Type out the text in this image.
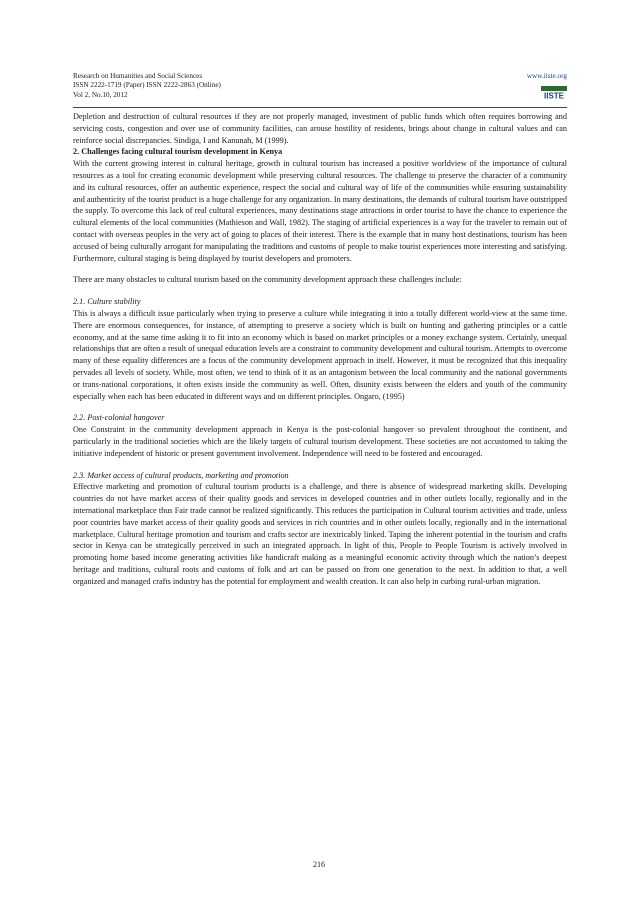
Research on Humanities and Social Sciences
ISSN 2222-1719 (Paper) ISSN 2222-2863 (Online)
Vol 2, No.10, 2012
www.iiste.org
IISTE

Depletion and destruction of cultural resources if they are not properly managed, investment of public funds which often requires borrowing and servicing costs, congestion and over use of community facilities, can arouse hostility of residents, brings about change in cultural values and can reinforce social discrepancies. Sindiga, I and Kanunah, M (1999).

2. Challenges facing cultural tourism development in Kenya

With the current growing interest in cultural heritage, growth in cultural tourism has increased a positive worldview of the importance of cultural resources as a tool for creating economic development while preserving cultural resources. The challenge to preserve the character of a community and its cultural resources, offer an authentic experience, respect the social and cultural way of life of the communities while ensuring sustainability and authenticity of the tourist product is a huge challenge for any organization. In many destinations, the demands of cultural tourism have outstripped the supply. To overcome this lack of real cultural experiences, many destinations stage attractions in order tourist to have the chance to experience the cultural elements of the local communities (Mathieson and Wall, 1982). The staging of artificial experiences is a way for the traveler to remain out of contact with overseas peoples in the very act of going to places of their interest. There is the example that in many host destinations, tourism has been accused of being culturally arrogant for manipulating the traditions and customs of people to make tourist experiences more interesting and satisfying. Furthermore, cultural staging is being displayed by tourist developers and promoters.

There are many obstacles to cultural tourism based on the community development approach these challenges include:

2.1. Culture stability

This is always a difficult issue particularly when trying to preserve a culture while integrating it into a totally different world-view at the same time. There are enormous consequences, for instance, of attempting to preserve a society which is built on hunting and gathering principles or a cattle economy, and at the same time asking it to fit into an economy which is based on market principles or a money exchange system. Certainly, unequal relationships that are often a result of unequal education levels are a constraint to community development and cultural tourism. Attempts to overcome many of these equality differences are a focus of the community development approach in itself. However, it must be recognized that this inequality pervades all levels of society. While, most often, we tend to think of it as an antagonism between the local community and the national governments or trans-national corporations, it often exists inside the community as well. Often, disunity exists between the elders and youth of the community especially when each has been educated in different ways and on different principles. Ongaro, (1995)

2.2. Post-colonial hangover

One Constraint in the community development approach in Kenya is the post-colonial hangover so prevalent throughout the continent, and particularly in the traditional societies which are the likely targets of cultural tourism development. These societies are not accustomed to taking the initiative independent of historic or present government involvement. Independence will need to be fostered and encouraged.

2.3. Market access of cultural products, marketing and promotion

Effective marketing and promotion of cultural tourism products is a challenge, and there is absence of widespread marketing skills. Developing countries do not have market access of their quality goods and services in developed countries and in other outlets locally, regionally and in the international marketplace thus Fair trade cannot be realized significantly. This reduces the participation in Cultural tourism activities and trade, unless poor countries have market access of their quality goods and services in rich countries and in other outlets locally, regionally and in the international marketplace. Cultural heritage promotion and tourism and crafts sector are inextricably linked. Taping the inherent potential in the tourism and crafts sector in Kenya can be strategically perceived in such an integrated approach. In light of this, People to People Tourism is actively involved in promoting home based income generating activities like handicraft making as a meaningful economic activity through which the nation’s deepest heritage and traditions, cultural roots and customs of folk and art can be passed on from one generation to the next. In addition to that, a well organized and managed crafts industry has the potential for employment and wealth creation. It can also help in curbing rural-urban migration.

216
